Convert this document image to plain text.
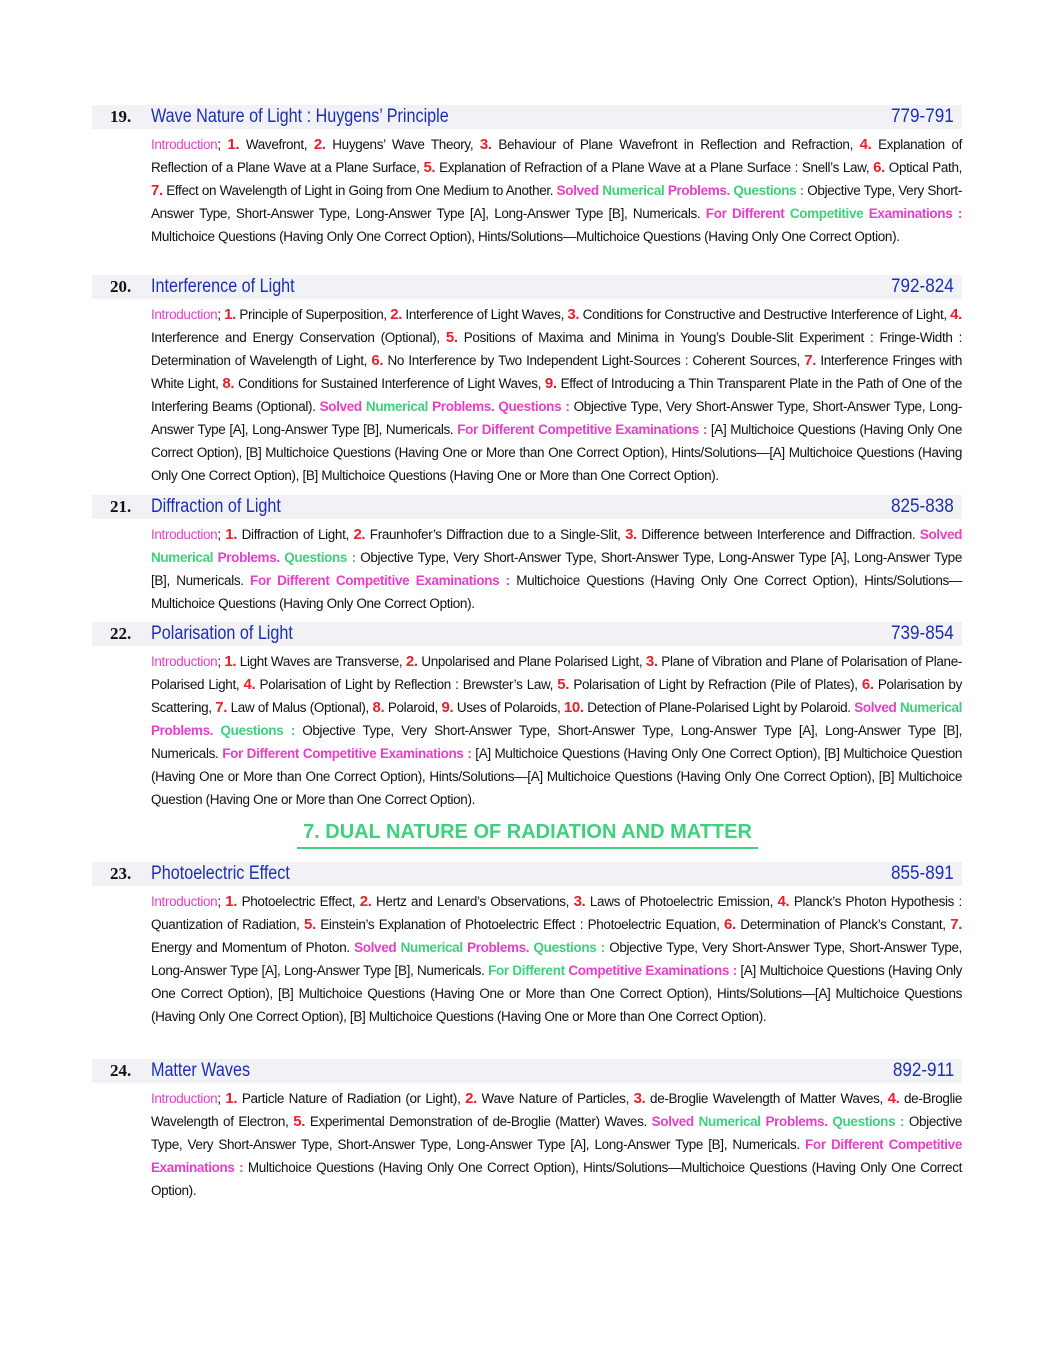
19. Wave Nature of Light : Huygens’ Principle	779-791
Introduction; 1. Wavefront, 2. Huygens’ Wave Theory, 3. Behaviour of Plane Wavefront in Reflection and Refraction, 4. Explanation of Reflection of a Plane Wave at a Plane Surface, 5. Explanation of Refraction of a Plane Wave at a Plane Surface : Snell’s Law, 6. Optical Path, 7. Effect on Wavelength of Light in Going from One Medium to Another. Solved Numerical Problems. Questions : Objective Type, Very Short-Answer Type, Short-Answer Type, Long-Answer Type [A], Long-Answer Type [B], Numericals. For Different Competitive Examinations : Multichoice Questions (Having Only One Correct Option), Hints/Solutions—Multichoice Questions (Having Only One Correct Option).
20. Interference of Light	792-824
Introduction; 1. Principle of Superposition, 2. Interference of Light Waves, 3. Conditions for Constructive and Destructive Interference of Light, 4. Interference and Energy Conservation (Optional), 5. Positions of Maxima and Minima in Young’s Double-Slit Experiment : Fringe-Width : Determination of Wavelength of Light, 6. No Interference by Two Independent Light-Sources : Coherent Sources, 7. Interference Fringes with White Light, 8. Conditions for Sustained Interference of Light Waves, 9. Effect of Introducing a Thin Transparent Plate in the Path of One of the Interfering Beams (Optional). Solved Numerical Problems. Questions : Objective Type, Very Short-Answer Type, Short-Answer Type, Long-Answer Type [A], Long-Answer Type [B], Numericals. For Different Competitive Examinations : [A] Multichoice Questions (Having Only One Correct Option), [B] Multichoice Questions (Having One or More than One Correct Option), Hints/Solutions—[A] Multichoice Questions (Having Only One Correct Option), [B] Multichoice Questions (Having One or More than One Correct Option).
21. Diffraction of Light	825-838
Introduction; 1. Diffraction of Light, 2. Fraunhofer’s Diffraction due to a Single-Slit, 3. Difference between Interference and Diffraction. Solved Numerical Problems. Questions : Objective Type, Very Short-Answer Type, Short-Answer Type, Long-Answer Type [A], Long-Answer Type [B], Numericals. For Different Competitive Examinations : Multichoice Questions (Having Only One Correct Option), Hints/Solutions—Multichoice Questions (Having Only One Correct Option).
22. Polarisation of Light	739-854
Introduction; 1. Light Waves are Transverse, 2. Unpolarised and Plane Polarised Light, 3. Plane of Vibration and Plane of Polarisation of Plane-Polarised Light, 4. Polarisation of Light by Reflection : Brewster’s Law, 5. Polarisation of Light by Refraction (Pile of Plates), 6. Polarisation by Scattering, 7. Law of Malus (Optional), 8. Polaroid, 9. Uses of Polaroids, 10. Detection of Plane-Polarised Light by Polaroid. Solved Numerical Problems. Questions : Objective Type, Very Short-Answer Type, Short-Answer Type, Long-Answer Type [A], Long-Answer Type [B], Numericals. For Different Competitive Examinations : [A] Multichoice Questions (Having Only One Correct Option), [B] Multichoice Question (Having One or More than One Correct Option), Hints/Solutions—[A] Multichoice Questions (Having Only One Correct Option), [B] Multichoice Question (Having One or More than One Correct Option).
7. DUAL NATURE OF RADIATION AND MATTER
23. Photoelectric Effect	855-891
Introduction; 1. Photoelectric Effect, 2. Hertz and Lenard’s Observations, 3. Laws of Photoelectric Emission, 4. Planck’s Photon Hypothesis : Quantization of Radiation, 5. Einstein’s Explanation of Photoelectric Effect : Photoelectric Equation, 6. Determination of Planck’s Constant, 7. Energy and Momentum of Photon. Solved Numerical Problems. Questions : Objective Type, Very Short-Answer Type, Short-Answer Type, Long-Answer Type [A], Long-Answer Type [B], Numericals. For Different Competitive Examinations : [A] Multichoice Questions (Having Only One Correct Option), [B] Multichoice Questions (Having One or More than One Correct Option), Hints/Solutions—[A] Multichoice Questions (Having Only One Correct Option), [B] Multichoice Questions (Having One or More than One Correct Option).
24. Matter Waves	892-911
Introduction; 1. Particle Nature of Radiation (or Light), 2. Wave Nature of Particles, 3. de-Broglie Wavelength of Matter Waves, 4. de-Broglie Wavelength of Electron, 5. Experimental Demonstration of de-Broglie (Matter) Waves. Solved Numerical Problems. Questions : Objective Type, Very Short-Answer Type, Short-Answer Type, Long-Answer Type [A], Long-Answer Type [B], Numericals. For Different Competitive Examinations : Multichoice Questions (Having Only One Correct Option), Hints/Solutions—Multichoice Questions (Having Only One Correct Option).
